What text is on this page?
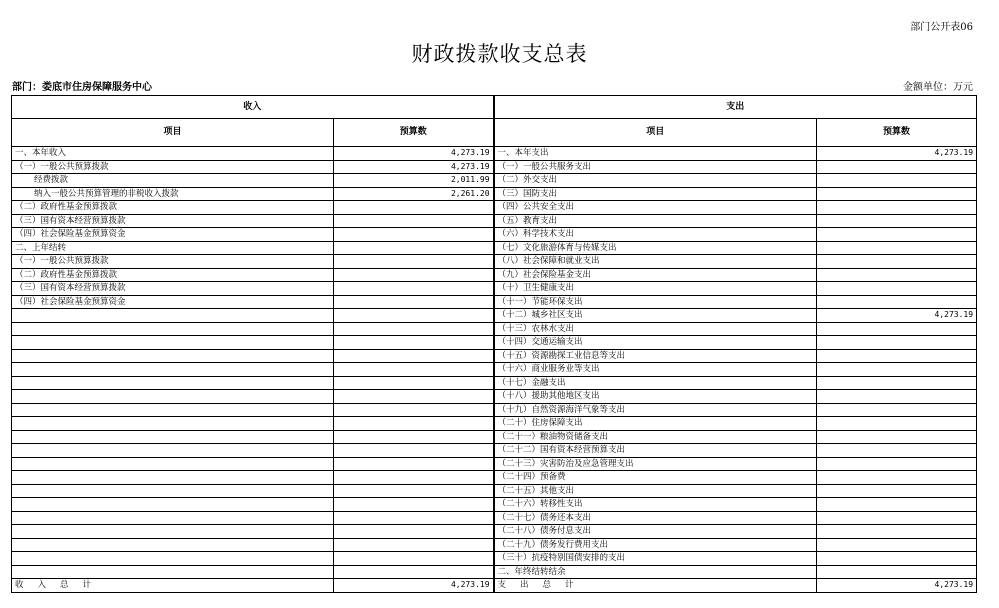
部门公开表06
财政拨款收支总表
部门：娄底市住房保障服务中心	金额单位：万元
收入		支出	
项目	预算数	项目	预算数
一、本年收入	4,273.19	一、本年支出	4,273.19
（一）一般公共预算拨款	4,273.19	（一）一般公共服务支出	
经费拨款	2,011.99	（二）外交支出	
纳入一般公共预算管理的非税收入拨款	2,261.20	（三）国防支出	
（二）政府性基金预算拨款		（四）公共安全支出	
（三）国有资本经营预算拨款		（五）教育支出	
（四）社会保险基金预算资金		（六）科学技术支出	
二、上年结转		（七）文化旅游体育与传媒支出	
（一）一般公共预算拨款		（八）社会保障和就业支出	
（二）政府性基金预算拨款		（九）社会保险基金支出	
（三）国有资本经营预算拨款		（十）卫生健康支出	
（四）社会保险基金预算资金		（十一）节能环保支出	
		（十二）城乡社区支出	4,273.19
		（十三）农林水支出	
		（十四）交通运输支出	
		（十五）资源勘探工业信息等支出	
		（十六）商业服务业等支出	
		（十七）金融支出	
		（十八）援助其他地区支出	
		（十九）自然资源海洋气象等支出	
		（二十）住房保障支出	
		（二十一）粮油物资储备支出	
		（二十二）国有资本经营预算支出	
		（二十三）灾害防治及应急管理支出	
		（二十四）预备费	
		（二十五）其他支出	
		（二十六）转移性支出	
		（二十七）债务还本支出	
		（二十八）债务付息支出	
		（二十九）债务发行费用支出	
		（三十）抗疫特别国债安排的支出	
		二、年终结转结余	
收入总计	4,273.19	支出总计	4,273.19
